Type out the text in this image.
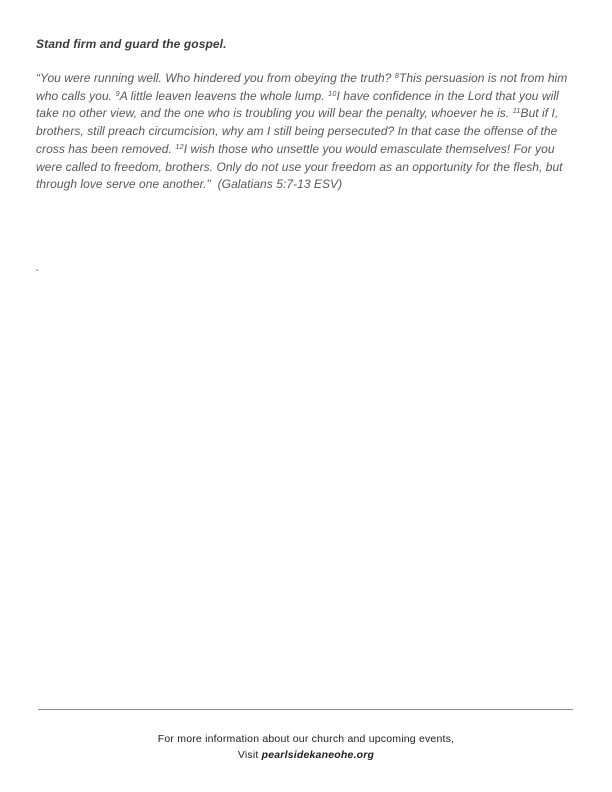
Stand firm and guard the gospel.
“You were running well. Who hindered you from obeying the truth? $^8$This persuasion is not from him who calls you. $^9$A little leaven leavens the whole lump. $^{10}$I have confidence in the Lord that you will take no other view, and the one who is troubling you will bear the penalty, whoever he is. $^{11}$But if I, brothers, still preach circumcision, why am I still being persecuted? In that case the offense of the cross has been removed. $^{12}$I wish those who unsettle you would emasculate themselves! For you were called to freedom, brothers. Only do not use your freedom as an opportunity for the flesh, but through love serve one another."  (Galatians 5:7-13 ESV)
.
For more information about our church and upcoming events,
Visit pearlsidekaneohe.org
